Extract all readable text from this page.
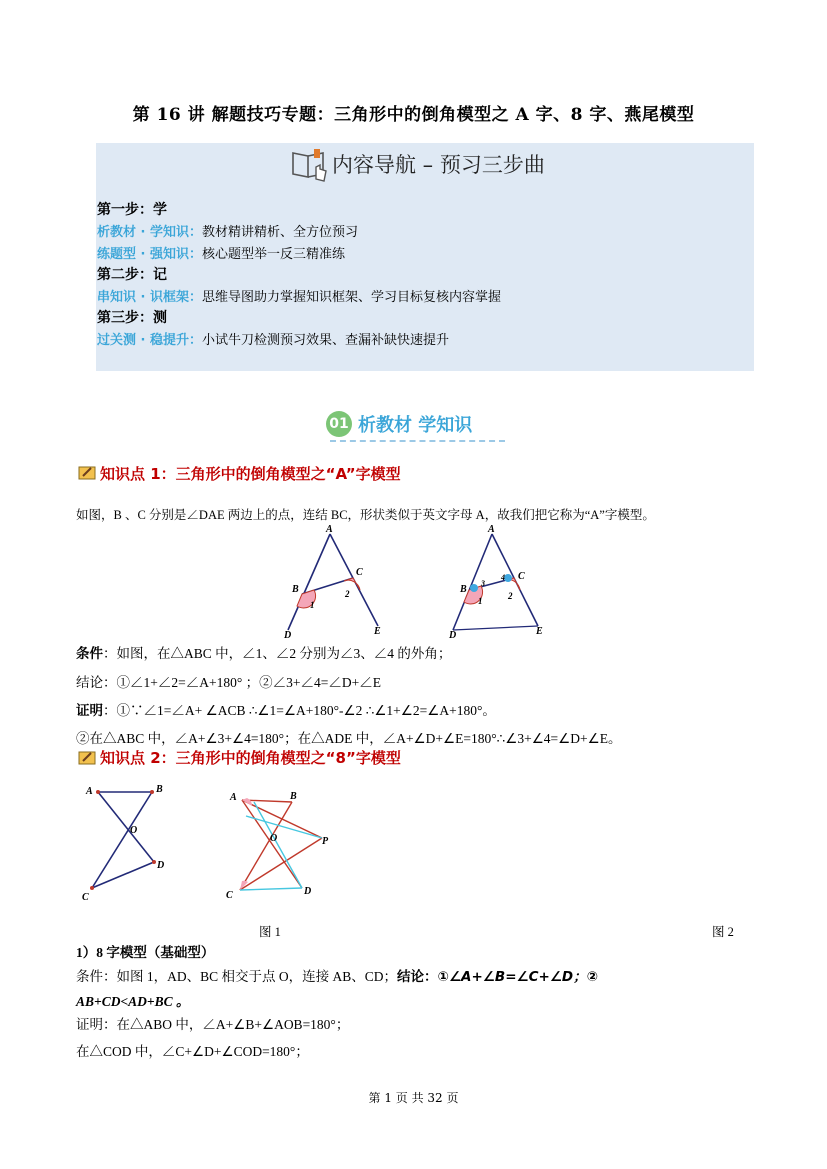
第 16 讲 解题技巧专题：三角形中的倒角模型之 A 字、8 字、燕尾模型
内容导航 – 预习三步曲
第一步：学
析教材 · 学知识：教材精讲精析、全方位预习
练题型 · 强知识：核心题型举一反三精准练
第二步：记
串知识 · 识框架：思维导图助力掌握知识框架、学习目标复核内容掌握
第三步：测
过关测 · 稳提升：小试牛刀检测预习效果、查漏补缺快速提升
01 析教材 学知识
知识点 1：三角形中的倒角模型之“A”字模型
如图，B 、C 分别是∠DAE 两边上的点，连结 BC，形状类似于英文字母 A，故我们把它称为“A”字模型。
A
B
C
D	E
1
2
A
B
C
D	E
3
4
1	2
条件：如图，在△ABC 中，∠1、∠2 分别为∠3、∠4 的外角；
结论：①∠1+∠2=∠A+180° ；②∠3+∠4=∠D+∠E
证明：①∵∠1=∠A+ ∠ACB ∴∠1=∠A+180°-∠2 ∴∠1+∠2=∠A+180°。
②在△ABC 中，∠A+∠3+∠4=180°；在△ADE 中，∠A+∠D+∠E=180°∴∠3+∠4=∠D+∠E。
知识点 2：三角形中的倒角模型之“8”字模型
A	B
O
C
D
A	B
O	P
C	D
图 1	图 2
1）8 字模型（基础型）
条件：如图 1，AD、BC 相交于点 O，连接 AB、CD；结论：①∠A+∠B=∠C+∠D；②
AB+CD<AD+BC 。
证明：在△ABO 中，∠A+∠B+∠AOB=180°；
在△COD 中，∠C+∠D+∠COD=180°；
第 1 页 共 32 页
